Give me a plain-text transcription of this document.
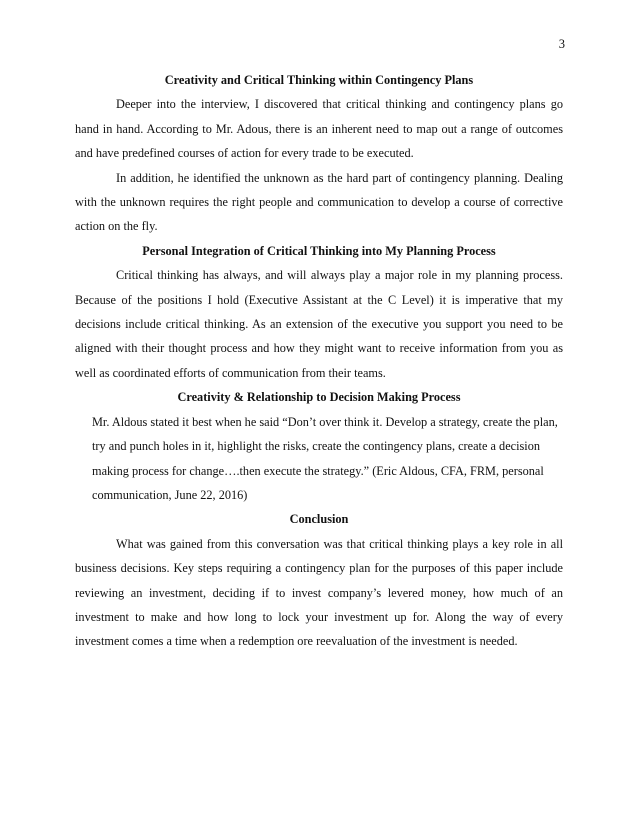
3
Creativity and Critical Thinking within Contingency Plans

Deeper into the interview, I discovered that critical thinking and contingency plans go hand in hand. According to Mr. Adous, there is an inherent need to map out a range of outcomes and have predefined courses of action for every trade to be executed.

In addition, he identified the unknown as the hard part of contingency planning. Dealing with the unknown requires the right people and communication to develop a course of corrective action on the fly.

Personal Integration of Critical Thinking into My Planning Process

Critical thinking has always, and will always play a major role in my planning process. Because of the positions I hold (Executive Assistant at the C Level) it is imperative that my decisions include critical thinking. As an extension of the executive you support you need to be aligned with their thought process and how they might want to receive information from you as well as coordinated efforts of communication from their teams.

Creativity & Relationship to Decision Making Process

Mr. Aldous stated it best when he said “Don’t over think it. Develop a strategy, create the plan, try and punch holes in it, highlight the risks, create the contingency plans, create a decision making process for change….then execute the strategy.” (Eric Aldous, CFA, FRM, personal communication, June 22, 2016)

Conclusion

What was gained from this conversation was that critical thinking plays a key role in all business decisions. Key steps requiring a contingency plan for the purposes of this paper include reviewing an investment, deciding if to invest company’s levered money, how much of an investment to make and how long to lock your investment up for. Along the way of every investment comes a time when a redemption ore reevaluation of the investment is needed.
